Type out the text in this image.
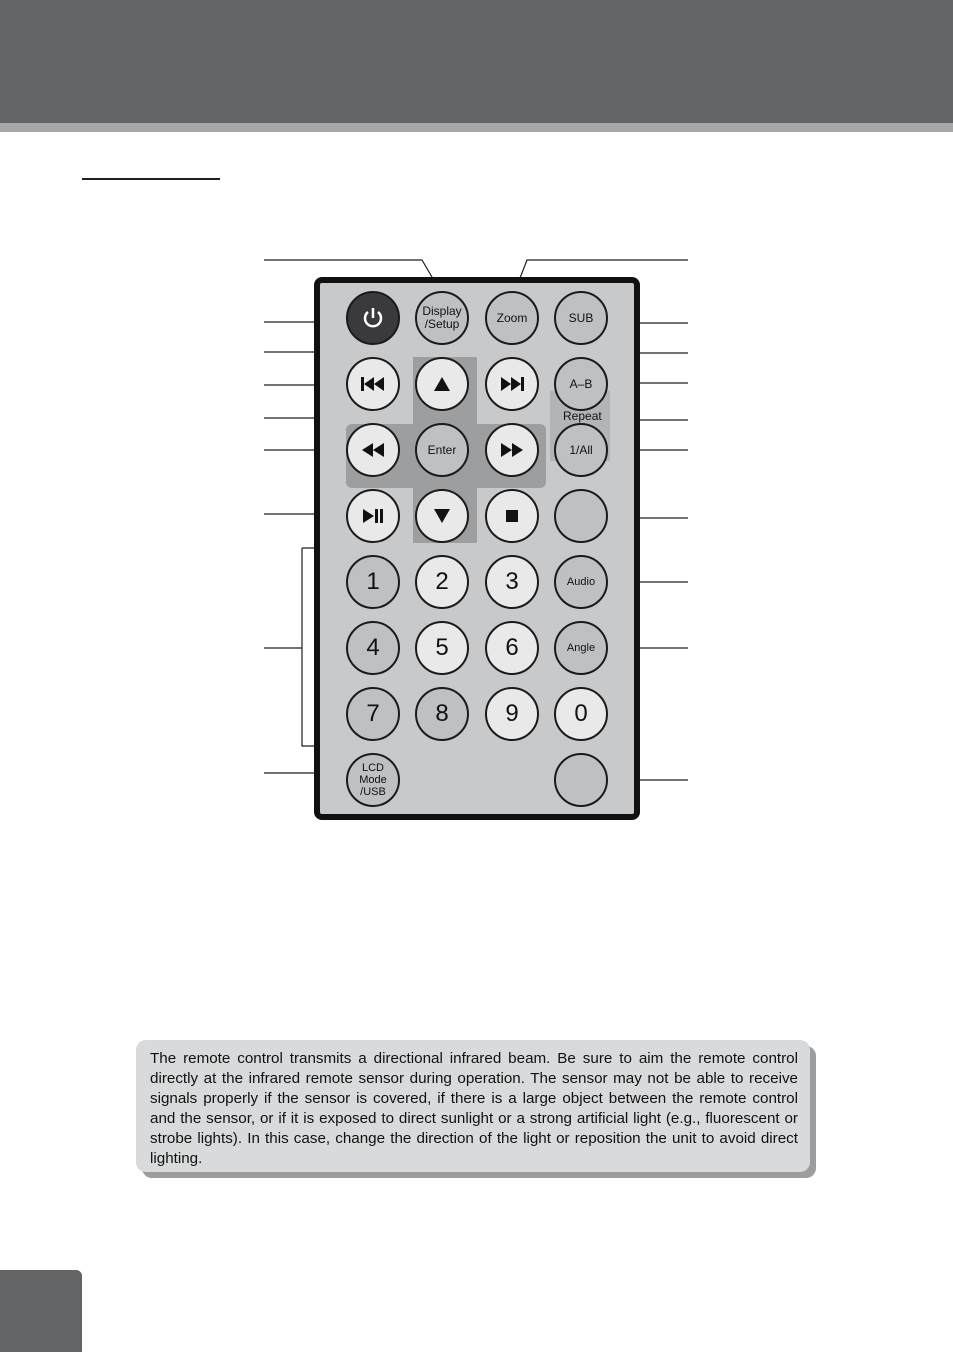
Display /Setup	Zoom	SUB
A–B
Repeat
Enter	1/All
1 2 3	Audio
4 5 6	Angle
7 8 9 0
LCD Mode /USB
The remote control transmits a directional infrared beam. Be sure to aim the remote control directly at the infrared remote sensor during operation. The sensor may not be able to receive signals properly if the sensor is covered, if there is a large object between the remote control and the sensor, or if it is exposed to direct sunlight or a strong artificial light (e.g., fluorescent or strobe lights). In this case, change the direction of the light or reposition the unit to avoid direct lighting.
